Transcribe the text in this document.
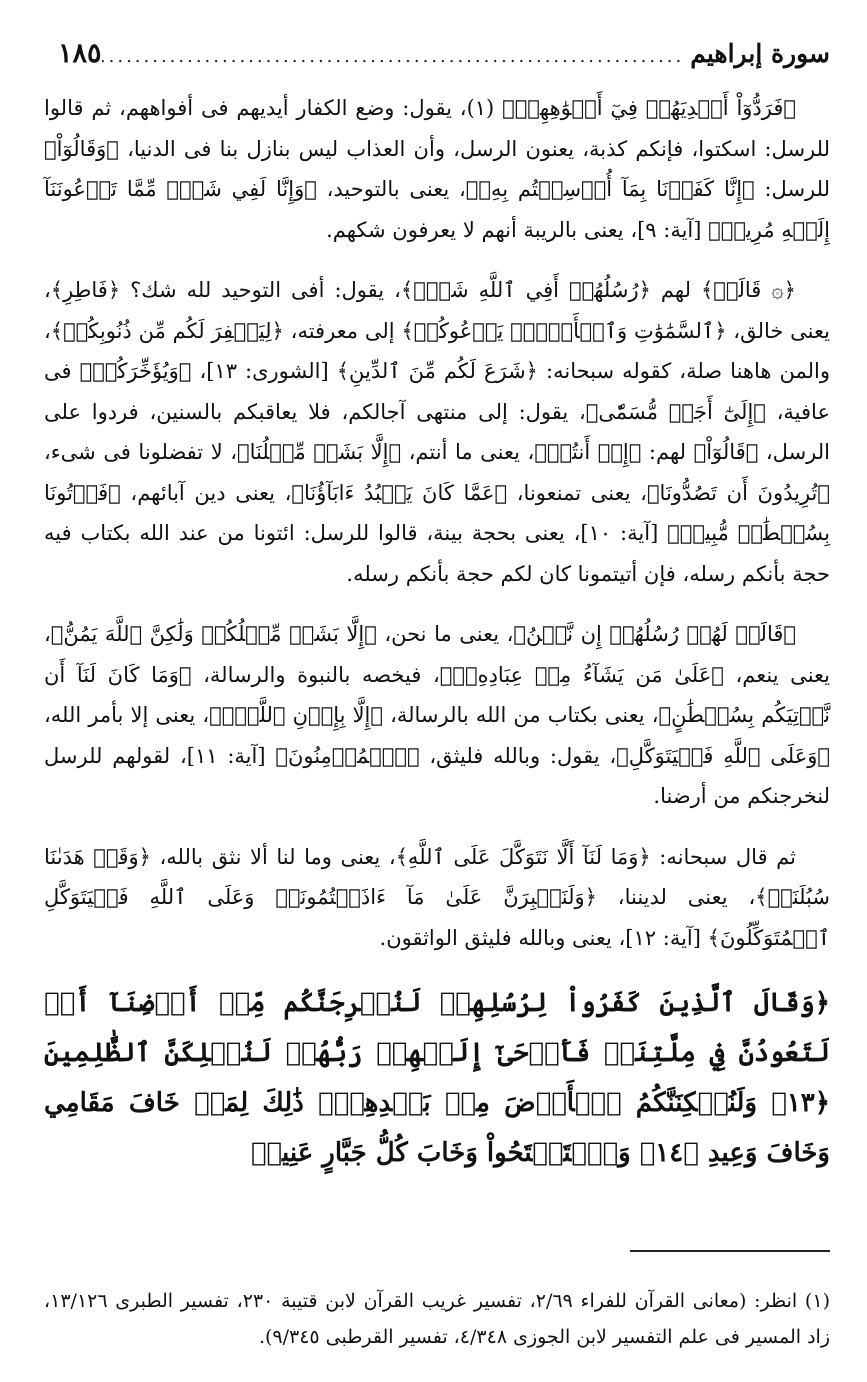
سورة إبراهيم
.....
١٨٥

﴿فَرَدُّوٓاْ أَيۡدِيَهُمۡ فِيٓ أَفۡوَٰهِهِمۡ﴾ (١)، يقول: وضع الكفار أيديهم فى أفواههم، ثم قالوا للرسل: اسكتوا، فإنكم كذبة، يعنون الرسل، وأن العذاب ليس بنازل بنا فى الدنيا، ﴿وَقَالُوٓاْ﴾ للرسل: ﴿إِنَّا كَفَرۡنَا بِمَآ أُرۡسِلۡتُم بِهِۦ﴾، يعنى بالتوحيد، ﴿وَإِنَّا لَفِي شَكّٖ مِّمَّا تَدۡعُونَنَآ إِلَيۡهِ مُرِيبٖ﴾ [آية: ٩]، يعنى بالريبة أنهم لا يعرفون شكهم.

﴿۞ قَالَتۡ﴾ لهم ﴿رُسُلُهُمۡ أَفِي ٱللَّهِ شَكّٞ﴾، يقول: أفى التوحيد لله شك؟ ﴿فَاطِرِ﴾، يعنى خالق، ﴿ٱلسَّمَٰوَٰتِ وَٱلۡأَرۡضِۖ يَدۡعُوكُمۡ﴾ إلى معرفته، ﴿لِيَغۡفِرَ لَكُم مِّن ذُنُوبِكُمۡ﴾، والمن هاهنا صلة، كقوله سبحانه: ﴿شَرَعَ لَكُم مِّنَ ٱلدِّينِ﴾ [الشورى: ١٣]، ﴿وَيُؤَخِّرَكُمۡ﴾ فى عافية، ﴿إِلَىٰٓ أَجَلٖ مُّسَمّٗى﴾، يقول: إلى منتهى آجالكم، فلا يعاقبكم بالسنين، فردوا على الرسل، ﴿قَالُوٓاْ﴾ لهم: ﴿إِنۡ أَنتُمۡ﴾، يعنى ما أنتم، ﴿إِلَّا بَشَرٞ مِّثۡلُنَا﴾، لا تفضلونا فى شىء، ﴿تُرِيدُونَ أَن تَصُدُّونَا﴾، يعنى تمنعونا، ﴿عَمَّا كَانَ يَعۡبُدُ ءَابَآؤُنَا﴾، يعنى دين آبائهم، ﴿فَأۡتُونَا بِسُلۡطَٰنٖ مُّبِينٖ﴾ [آية: ١٠]، يعنى بحجة بينة، قالوا للرسل: ائتونا من عند الله بكتاب فيه حجة بأنكم رسله، فإن أتيتمونا كان لكم حجة بأنكم رسله.

﴿قَالَتۡ لَهُمۡ رُسُلُهُمۡ إِن نَّحۡنُ﴾، يعنى ما نحن، ﴿إِلَّا بَشَرٞ مِّثۡلُكُمۡ وَلَٰكِنَّ ٱللَّهَ يَمُنُّ﴾، يعنى ينعم، ﴿عَلَىٰ مَن يَشَآءُ مِنۡ عِبَادِهِۦۖ﴾، فيخصه بالنبوة والرسالة، ﴿وَمَا كَانَ لَنَآ أَن نَّأۡتِيَكُم بِسُلۡطَٰنٍ﴾، يعنى بكتاب من الله بالرسالة، ﴿إِلَّا بِإِذۡنِ ٱللَّهِۚ﴾، يعنى إلا بأمر الله، ﴿وَعَلَى ٱللَّهِ فَلۡيَتَوَكَّلِ﴾، يقول: وبالله فليثق، ﴿ٱلۡمُؤۡمِنُونَ﴾ [آية: ١١]، لقولهم للرسل لنخرجنكم من أرضنا.

ثم قال سبحانه: ﴿وَمَا لَنَآ أَلَّا نَتَوَكَّلَ عَلَى ٱللَّهِ﴾، يعنى وما لنا ألا نثق بالله، ﴿وَقَدۡ هَدَىٰنَا سُبُلَنَاۚ﴾، يعنى لديننا، ﴿وَلَنَصۡبِرَنَّ عَلَىٰ مَآ ءَاذَيۡتُمُونَاۚ وَعَلَى ٱللَّهِ فَلۡيَتَوَكَّلِ ٱلۡمُتَوَكِّلُونَ﴾ [آية: ١٢]، يعنى وبالله فليثق الواثقون.

﴿وَقَالَ ٱلَّذِينَ كَفَرُواْ لِرُسُلِهِمۡ لَنُخۡرِجَنَّكُم مِّنۡ أَرۡضِنَآ أَوۡ لَتَعُودُنَّ فِي مِلَّتِنَاۖ فَأَوۡحَىٰٓ إِلَيۡهِمۡ رَبُّهُمۡ لَنُهۡلِكَنَّ ٱلظَّٰلِمِينَ ﴿١٣﴾ وَلَنُسۡكِنَنَّكُمُ ٱلۡأَرۡضَ مِنۢ بَعۡدِهِمۡۚ ذَٰلِكَ لِمَنۡ خَافَ مَقَامِي وَخَافَ وَعِيدِ ﴿١٤﴾ وَٱسۡتَفۡتَحُواْ وَخَابَ كُلُّ جَبَّارٍ عَنِيدٖ

(١) انظر: (معانى القرآن للفراء ٢/٦٩، تفسير غريب القرآن لابن قتيبة ٢٣٠، تفسير الطبرى ١٣/١٢٦، زاد المسير فى علم التفسير لابن الجوزى ٤/٣٤٨، تفسير القرطبى ٩/٣٤٥).
